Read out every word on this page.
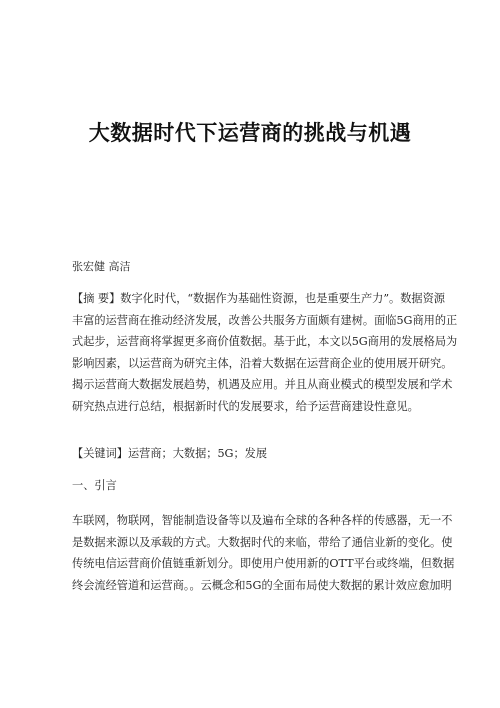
大数据时代下运营商的挑战与机遇
张宏健 高洁
【摘 要】数字化时代，“数据作为基础性资源，也是重要生产力”。数据资源
丰富的运营商在推动经济发展，改善公共服务方面颇有建树。面临5G商用的正
式起步，运营商将掌握更多商价值数据。基于此，本文以5G商用的发展格局为
影响因素，以运营商为研究主体，沿着大数据在运营商企业的使用展开研究。
揭示运营商大数据发展趋势，机遇及应用。并且从商业模式的模型发展和学术
研究热点进行总结，根据新时代的发展要求，给予运营商建设性意见。
【关键词】运营商；大数据；5G；发展
一、引言
车联网，物联网，智能制造设备等以及遍布全球的各种各样的传感器，无一不
是数据来源以及承载的方式。大数据时代的来临，带给了通信业新的变化。使
传统电信运营商价值链重新划分。即使用户使用新的OTT平台或终端，但数据
终会流经管道和运营商。。云概念和5G的全面布局使大数据的累计效应愈加明
